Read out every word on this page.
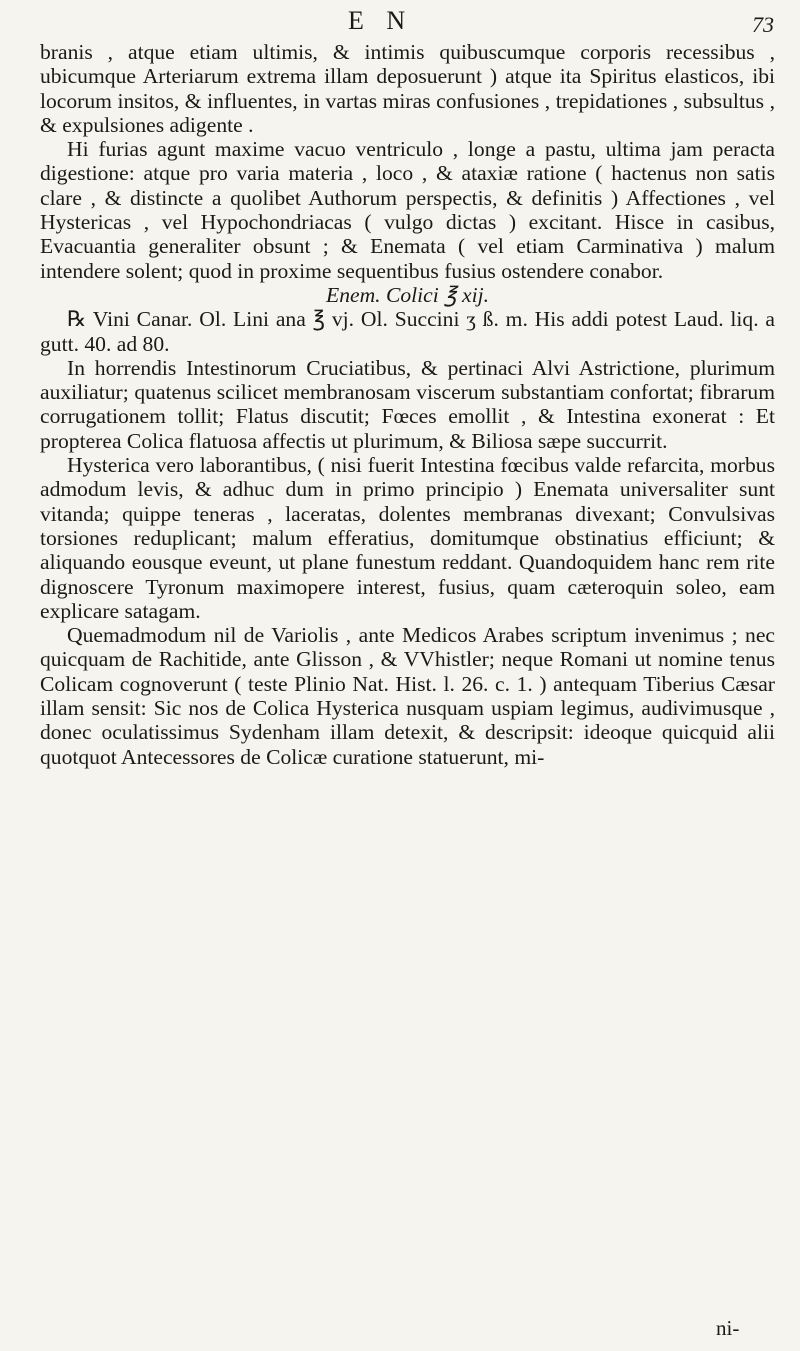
E N	73

branis , atque etiam ultimis, & intimis quibuscumque corporis recessibus , ubicumque Arteriarum extrema illam deposuerunt ) atque ita Spiritus elasticos, ibi locorum insitos, & influentes, in vartas miras confusiones , trepidationes , subsultus , & expulsiones adigente .

Hi furias agunt maxime vacuo ventriculo , longe a pastu, ultima jam peracta digestione: atque pro varia materia , loco , & ataxiæ ratione ( hactenus non satis clare , & distincte a quolibet Authorum perspectis, & definitis ) Affectiones , vel Hystericas , vel Hypochondriacas ( vulgo dictas ) excitant. Hisce in casibus, Evacuantia generaliter obsunt ; & Enemata ( vel etiam Carminativa ) malum intendere solent; quod in proxime sequentibus fusius ostendere conabor.

Enem. Colici ℥ xij.

℞ Vini Canar. Ol. Lini ana ℥ vj. Ol. Succini ʒ ß. m. His addi potest Laud. liq. a gutt. 40. ad 80.

In horrendis Intestinorum Cruciatibus, & pertinaci Alvi Astrictione, plurimum auxiliatur; quatenus scilicet membranosam viscerum substantiam confortat; fibrarum corrugationem tollit; Flatus discutit; Fœces emollit , & Intestina exonerat : Et propterea Colica flatuosa affectis ut plurimum, & Biliosa sæpe succurrit.

Hysterica vero laborantibus, ( nisi fuerit Intestina fœcibus valde refarcita, morbus admodum levis, & adhuc dum in primo principio ) Enemata universaliter sunt vitanda; quippe teneras , laceratas, dolentes membranas divexant; Convulsivas torsiones reduplicant; malum efferatius, domitumque obstinatius efficiunt; & aliquando eousque eveunt, ut plane funestum reddant. Quandoquidem hanc rem rite dignoscere Tyronum maximopere interest, fusius, quam cæteroquin soleo, eam explicare satagam.

Quemadmodum nil de Variolis , ante Medicos Arabes scriptum invenimus ; nec quicquam de Rachitide, ante Glisson , & VVhistler; neque Romani ut nomine tenus Colicam cognoverunt ( teste Plinio Nat. Hist. l. 26. c. 1. ) antequam Tiberius Cæsar illam sensit: Sic nos de Colica Hysterica nusquam uspiam legimus, audivimusque , donec oculatissimus Sydenham illam detexit, & descripsit: ideoque quicquid alii quotquot Antecessores de Colicæ curatione statuerunt, mi-

ni-
